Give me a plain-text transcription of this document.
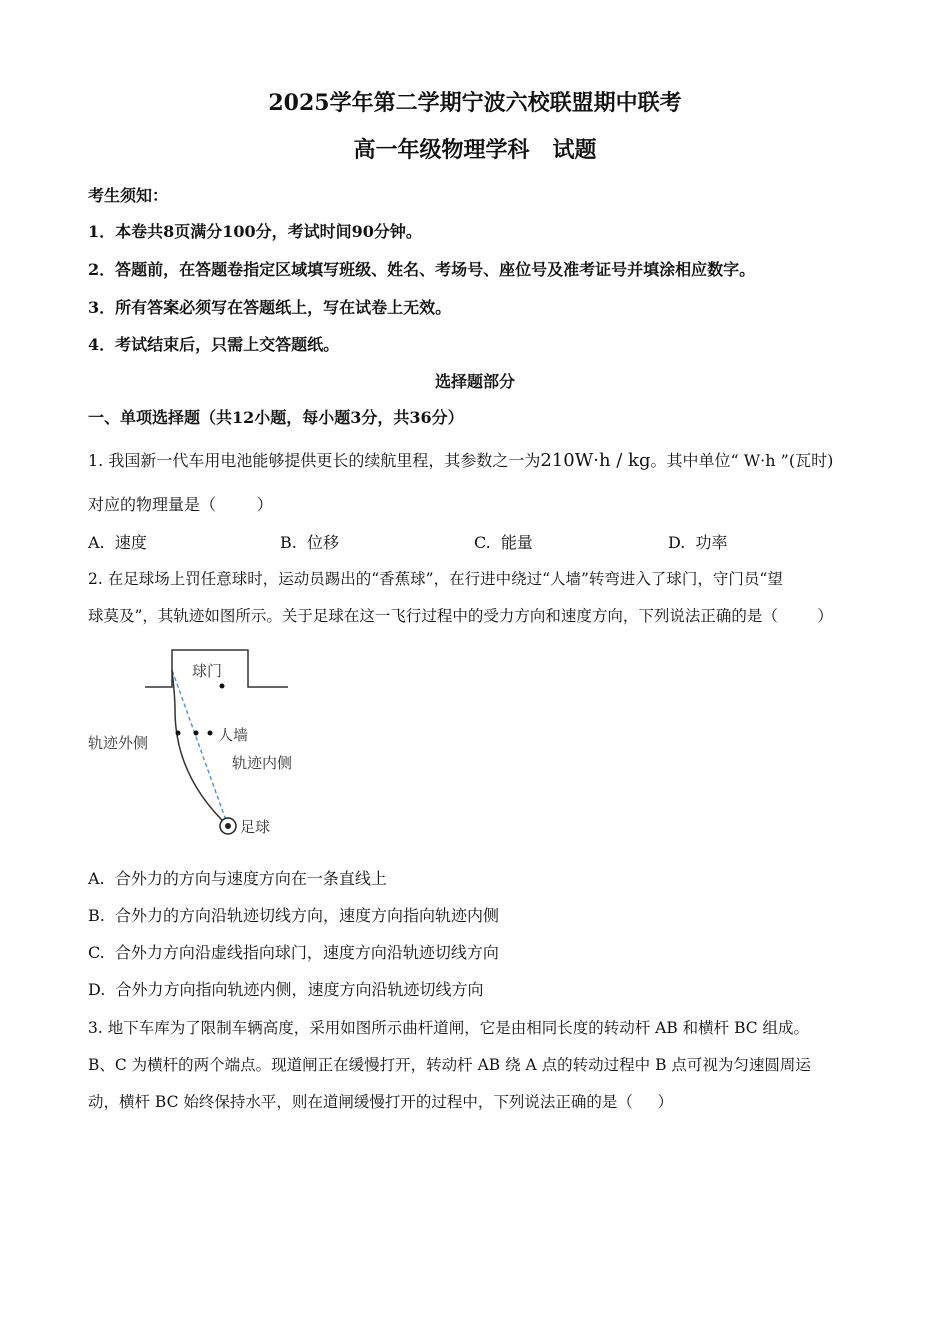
2025学年第二学期宁波六校联盟期中联考
高一年级物理学科   试题
考生须知：
1．本卷共8页满分100分，考试时间90分钟。
2．答题前，在答题卷指定区域填写班级、姓名、考场号、座位号及准考证号并填涂相应数字。
3．所有答案必须写在答题纸上，写在试卷上无效。
4．考试结束后，只需上交答题纸。
选择题部分
一、单项选择题（共12小题，每小题3分，共36分）
1. 我国新一代车用电池能够提供更长的续航里程，其参数之一为210W·h / kg。其中单位“ W·h ”(瓦时)
对应的物理量是（        ）
A.  速度	B.  位移	C.  能量	D.  功率
2. 在足球场上罚任意球时，运动员踢出的“香蕉球”，在行进中绕过“人墙”转弯进入了球门，守门员“望
球莫及”，其轨迹如图所示。关于足球在这一飞行过程中的受力方向和速度方向，下列说法正确的是（        ）
球门
人墙
轨迹外侧
轨迹内侧
足球
A.  合外力的方向与速度方向在一条直线上
B.  合外力的方向沿轨迹切线方向，速度方向指向轨迹内侧
C.  合外力方向沿虚线指向球门，速度方向沿轨迹切线方向
D.  合外力方向指向轨迹内侧，速度方向沿轨迹切线方向
3. 地下车库为了限制车辆高度，采用如图所示曲杆道闸，它是由相同长度的转动杆 AB 和横杆 BC 组成。
B、C 为横杆的两个端点。现道闸正在缓慢打开，转动杆 AB 绕 A 点的转动过程中 B 点可视为匀速圆周运
动，横杆 BC 始终保持水平，则在道闸缓慢打开的过程中，下列说法正确的是（     ）
